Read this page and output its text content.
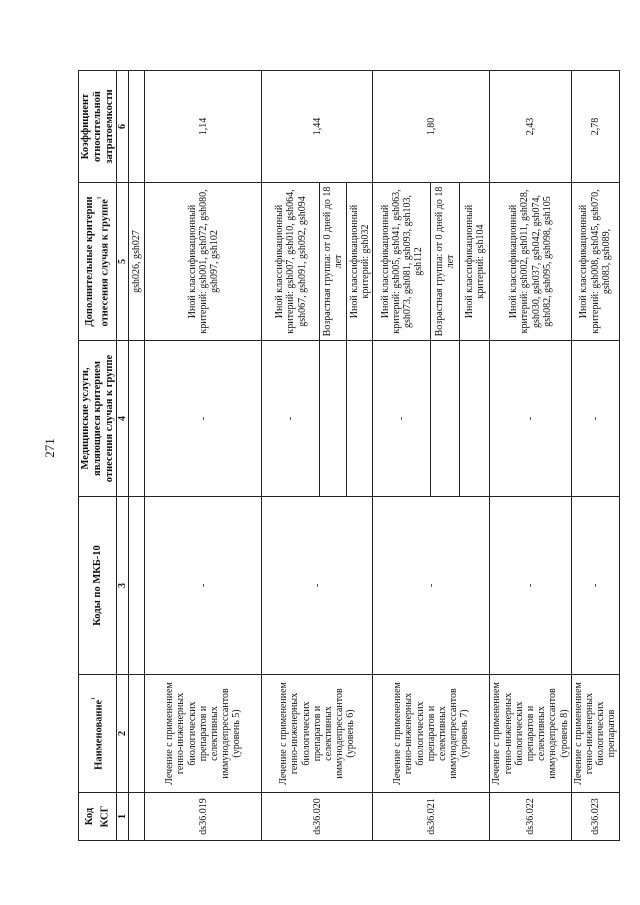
271
Код КСГ	Наименование$^{^1}$	Коды по МКБ-10	Медицинские услуги, являющиеся критерием отнесения случая к группе	Дополнительные критерии отнесения случая к группе$^{^1}$	Коэффициент относительной затратоемкости
1	2	3	4	5	6
				gsh026, gsh027	
ds36.019	Лечение с применением генно-инженерных биологических препаратов и селективных иммунодепрессантов (уровень 5)	-	-	Иной классификационный критерий: gsh001, gsh072, gsh080, gsh097, gsh102	1,14
ds36.020	Лечение с применением генно-инженерных биологических препаратов и селективных иммунодепрессантов (уровень 6)	-	-	Иной классификационный критерий: gsh007, gsh010, gsh064, gsh067, gsh091, gsh092, gsh094	1,44
				Возрастная группа: от 0 дней до 18 лет	
				Иной классификационный критерий: gsh032	
ds36.021	Лечение с применением генно-инженерных биологических препаратов и селективных иммунодепрессантов (уровень 7)	-	-	Иной классификационный критерий: gsh005, gsh041, gsh063, gsh073, gsh081, gsh093, gsh103, gsh112	1,80
				Возрастная группа: от 0 дней до 18 лет	
				Иной классификационный критерий: gsh104	
ds36.022	Лечение с применением генно-инженерных биологических препаратов и селективных иммунодепрессантов (уровень 8)	-	-	Иной классификационный критерий: gsh002, gsh011, gsh028, gsh030, gsh037, gsh042, gsh074, gsh082, gsh095, gsh098, gsh105	2,43
ds36.023	Лечение с применением генно-инженерных биологических препаратов	-	-	Иной классификационный критерий: gsh008, gsh045, gsh070, gsh083, gsh089,	2,78
